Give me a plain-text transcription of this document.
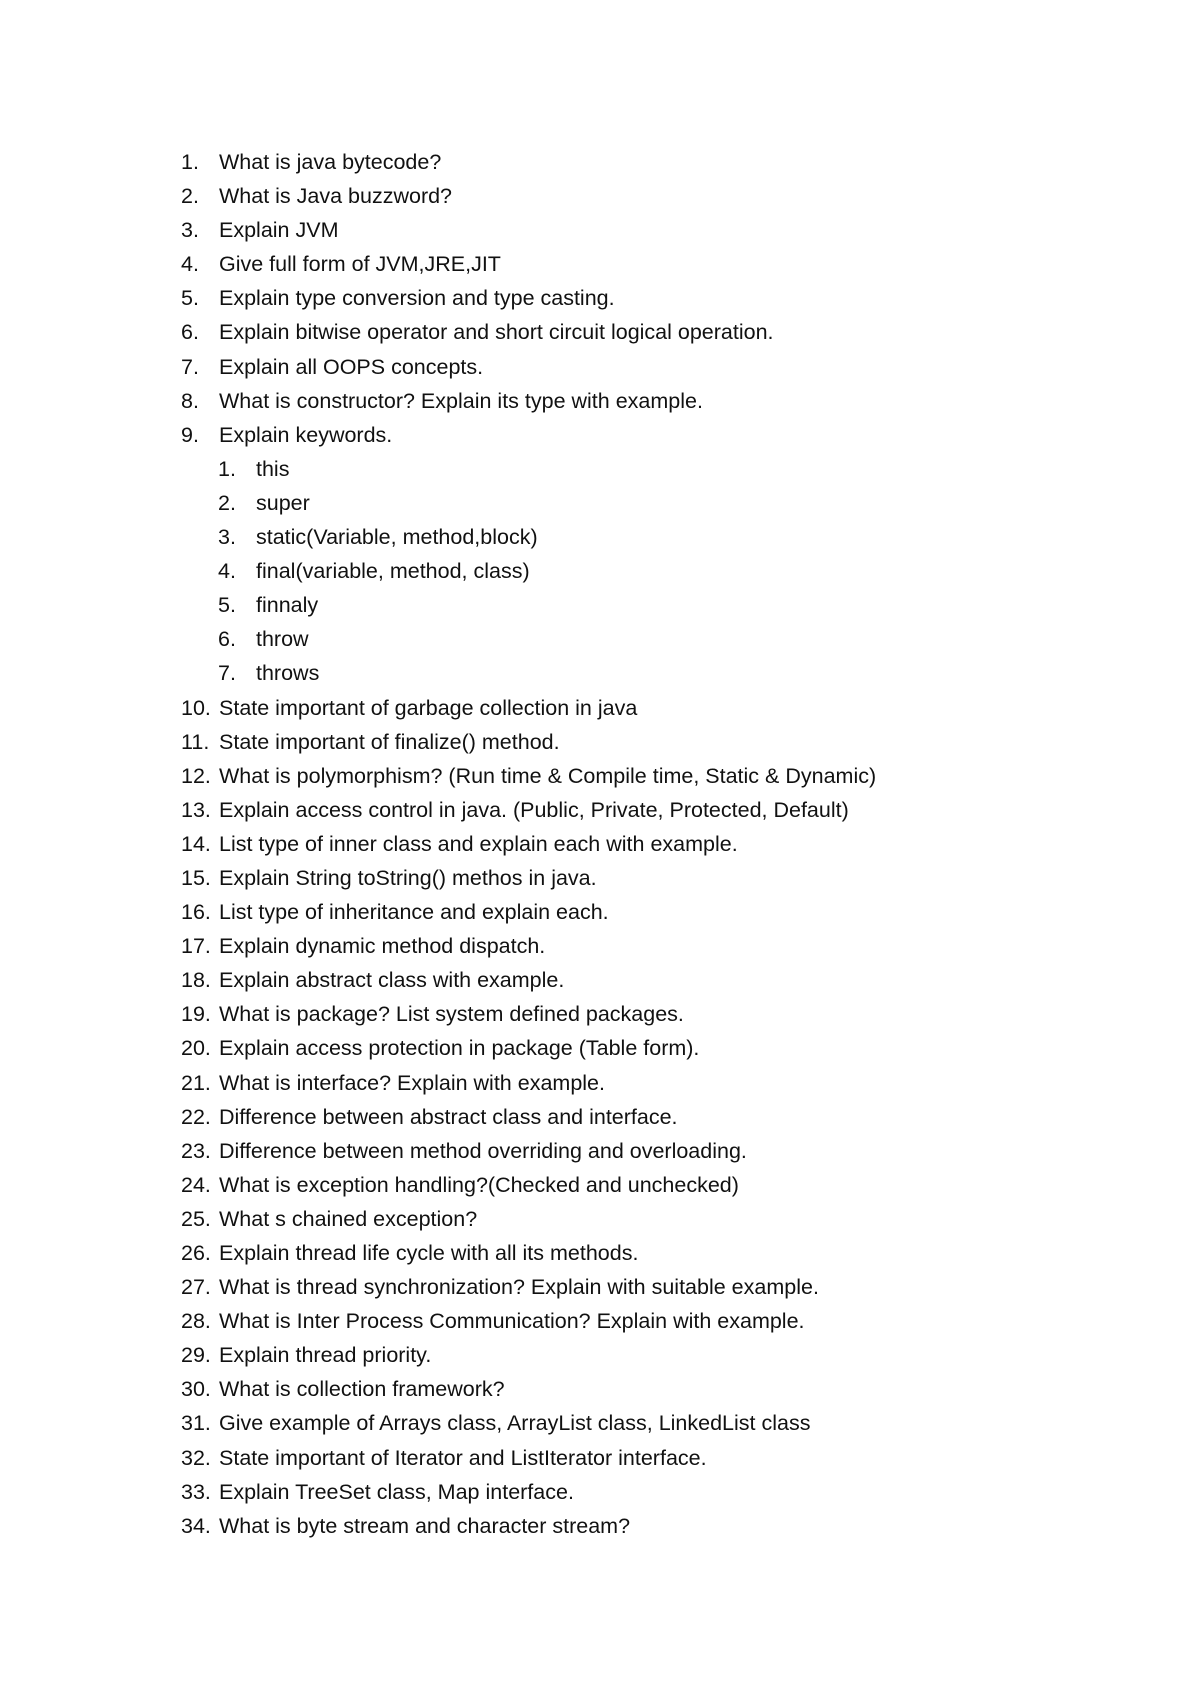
1. What is java bytecode?
2. What is Java buzzword?
3. Explain JVM
4. Give full form of JVM,JRE,JIT
5. Explain type conversion and type casting.
6. Explain bitwise operator and short circuit logical operation.
7. Explain all OOPS concepts.
8. What is constructor? Explain its type with example.
9. Explain keywords.
1. this
2. super
3. static(Variable, method,block)
4. final(variable, method, class)
5. finnaly
6. throw
7. throws
10. State important of garbage collection in java
11. State important of finalize() method.
12. What is polymorphism? (Run time & Compile time, Static & Dynamic)
13. Explain access control in java. (Public, Private, Protected, Default)
14. List type of inner class and explain each with example.
15. Explain String toString() methos in java.
16. List type of inheritance and explain each.
17. Explain dynamic method dispatch.
18. Explain abstract class with example.
19. What is package? List system defined packages.
20. Explain access protection in package (Table form).
21. What is interface? Explain with example.
22. Difference between abstract class and interface.
23. Difference between method overriding and overloading.
24. What is exception handling?(Checked and unchecked)
25. What s chained exception?
26. Explain thread life cycle with all its methods.
27. What is thread synchronization? Explain with suitable example.
28. What is Inter Process Communication? Explain with example.
29. Explain thread priority.
30. What is collection framework?
31. Give example of Arrays class, ArrayList class, LinkedList class
32. State important of Iterator and ListIterator interface.
33. Explain TreeSet class, Map interface.
34. What is byte stream and character stream?
